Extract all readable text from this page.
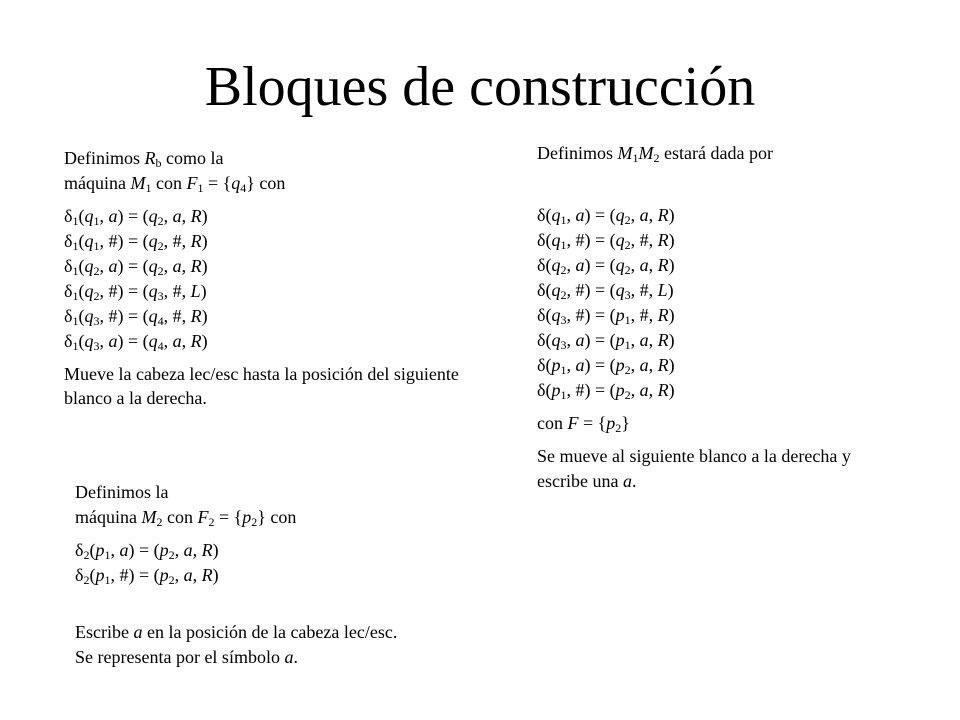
Bloques de construcción
Definimos $R_b$ como la
máquina $M_1$ con $F_1 = \{q_4\}$ con
$\delta_1(q_1$, $a) = (q_2$, a, R)
$\delta_1(q_1$, #) = ($q_2$, #, R)
$\delta_1(q_2$, $a) = (q_2$, a, R)
$\delta_1(q_2$, #) = ($q_3$, #, L)
$\delta_1(q_3$, #) = ($q_4$, #, R)
$\delta_1(q_3$, $a) = (q_4$, a, R)
Mueve la cabeza lec/esc hasta la posición del siguiente blanco a la derecha.
Definimos la
máquina $M_2$ con $F_2 = \{p_2\}$ con
$\delta_2(p_1$, $a) = (p_2$, a, R)
$\delta_2(p_1$, #) = ($p_2$, a, R)
Escribe a en la posición de la cabeza lec/esc.
Se representa por el símbolo a.
Definimos $M_1M_2$ estará dada por
$\delta(q_1$, $a) = (q_2$, a, R)
$\delta(q_1$, #) = ($q_2$, #, R)
$\delta(q_2$, $a) = (q_2$, a, R)
$\delta(q_2$, #) = ($q_3$, #, L)
$\delta(q_3$, #) = ($p_1$, #, R)
$\delta(q_3$, $a) = (p_1$, a, R)
$\delta(p_1$, $a) = (p_2$, a, R)
$\delta(p_1$, #) = ($p_2$, a, R)
con $F = \{p_2\}$
Se mueve al siguiente blanco a la derecha y
escribe una a.
